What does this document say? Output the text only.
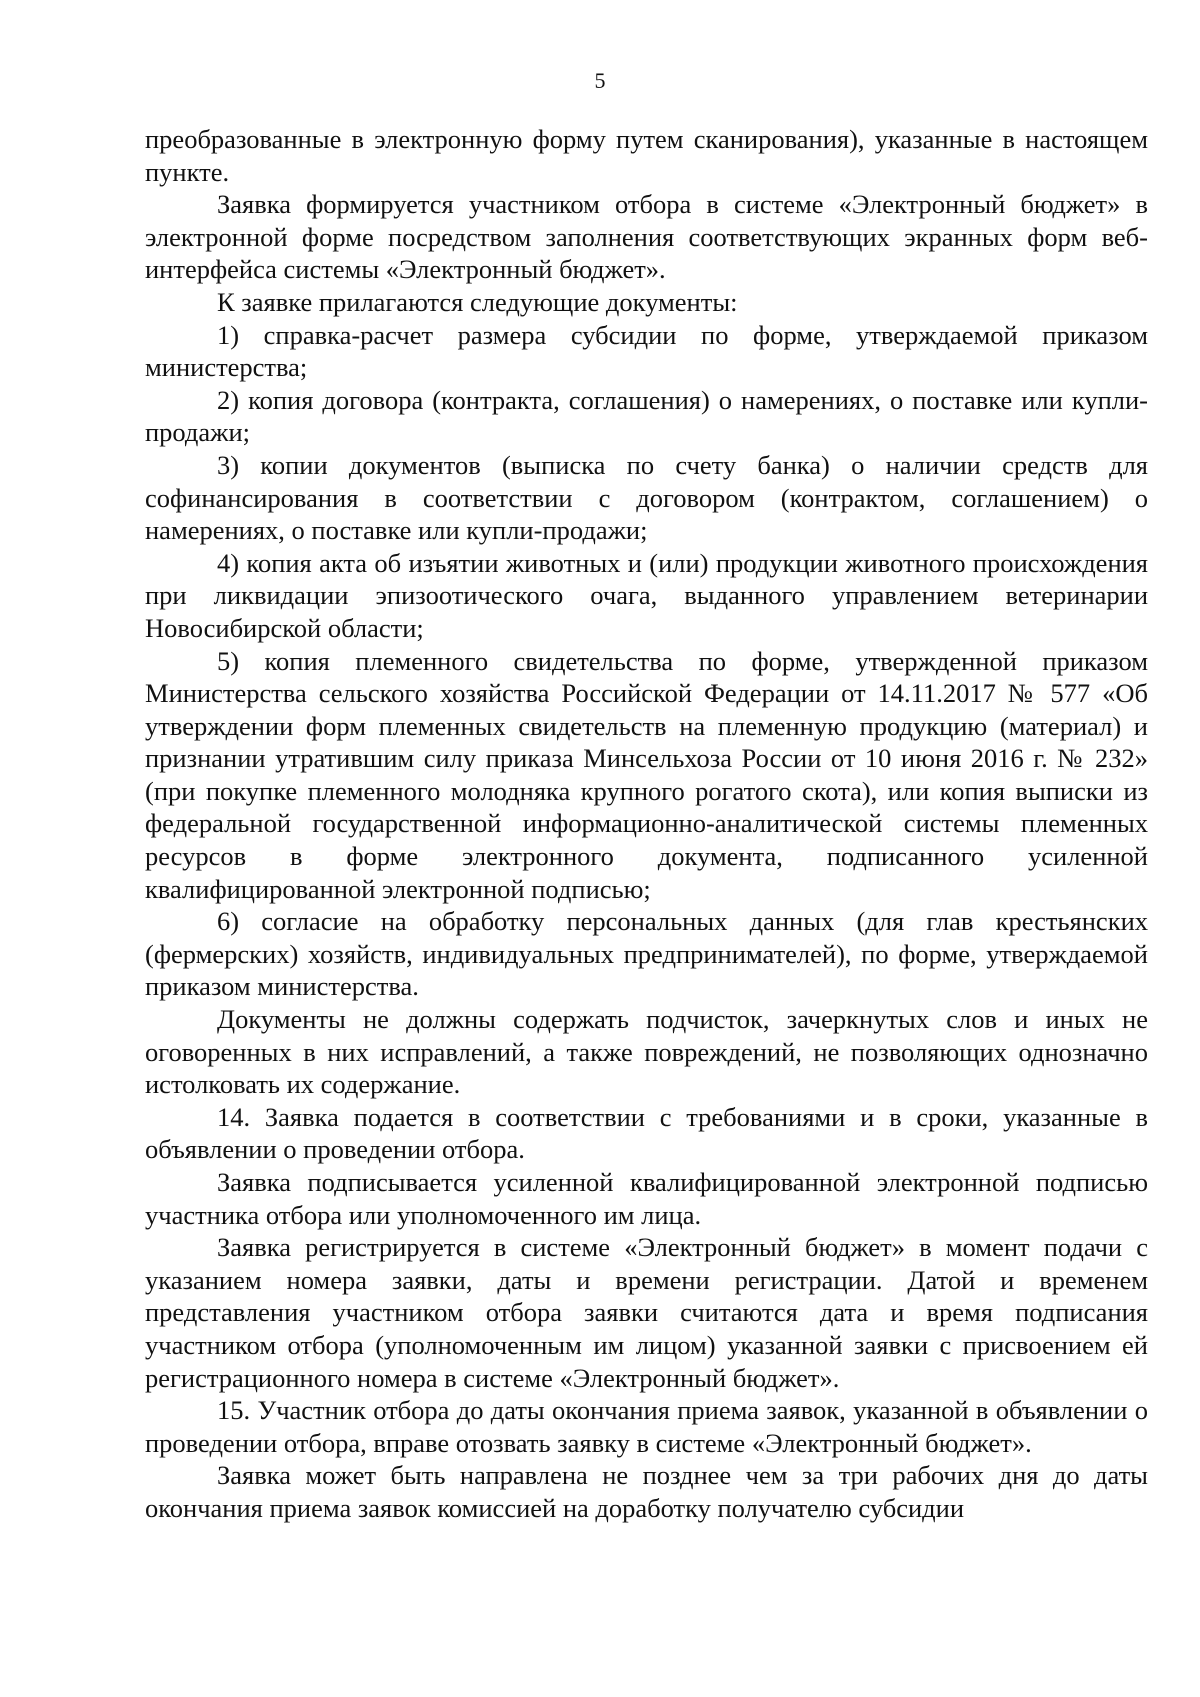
5

преобразованные в электронную форму путем сканирования), указанные в настоящем пункте.

Заявка формируется участником отбора в системе «Электронный бюджет» в электронной форме посредством заполнения соответствующих экранных форм веб-интерфейса системы «Электронный бюджет».

К заявке прилагаются следующие документы:

1) справка-расчет размера субсидии по форме, утверждаемой приказом министерства;

2) копия договора (контракта, соглашения) о намерениях, о поставке или купли-продажи;

3) копии документов (выписка по счету банка) о наличии средств для софинансирования в соответствии с договором (контрактом, соглашением) о намерениях, о поставке или купли-продажи;

4) копия акта об изъятии животных и (или) продукции животного происхождения при ликвидации эпизоотического очага, выданного управлением ветеринарии Новосибирской области;

5) копия племенного свидетельства по форме, утвержденной приказом Министерства сельского хозяйства Российской Федерации от 14.11.2017 № 577 «Об утверждении форм племенных свидетельств на племенную продукцию (материал) и признании утратившим силу приказа Минсельхоза России от 10 июня 2016 г. № 232» (при покупке племенного молодняка крупного рогатого скота), или копия выписки из федеральной государственной информационно-аналитической системы племенных ресурсов в форме электронного документа, подписанного усиленной квалифицированной электронной подписью;

6) согласие на обработку персональных данных (для глав крестьянских (фермерских) хозяйств, индивидуальных предпринимателей), по форме, утверждаемой приказом министерства.

Документы не должны содержать подчисток, зачеркнутых слов и иных не оговоренных в них исправлений, а также повреждений, не позволяющих однозначно истолковать их содержание.

14. Заявка подается в соответствии с требованиями и в сроки, указанные в объявлении о проведении отбора.

Заявка подписывается усиленной квалифицированной электронной подписью участника отбора или уполномоченного им лица.

Заявка регистрируется в системе «Электронный бюджет» в момент подачи с указанием номера заявки, даты и времени регистрации. Датой и временем представления участником отбора заявки считаются дата и время подписания участником отбора (уполномоченным им лицом) указанной заявки с присвоением ей регистрационного номера в системе «Электронный бюджет».

15. Участник отбора до даты окончания приема заявок, указанной в объявлении о проведении отбора, вправе отозвать заявку в системе «Электронный бюджет».

Заявка может быть направлена не позднее чем за три рабочих дня до даты окончания приема заявок комиссией на доработку получателю субсидии
